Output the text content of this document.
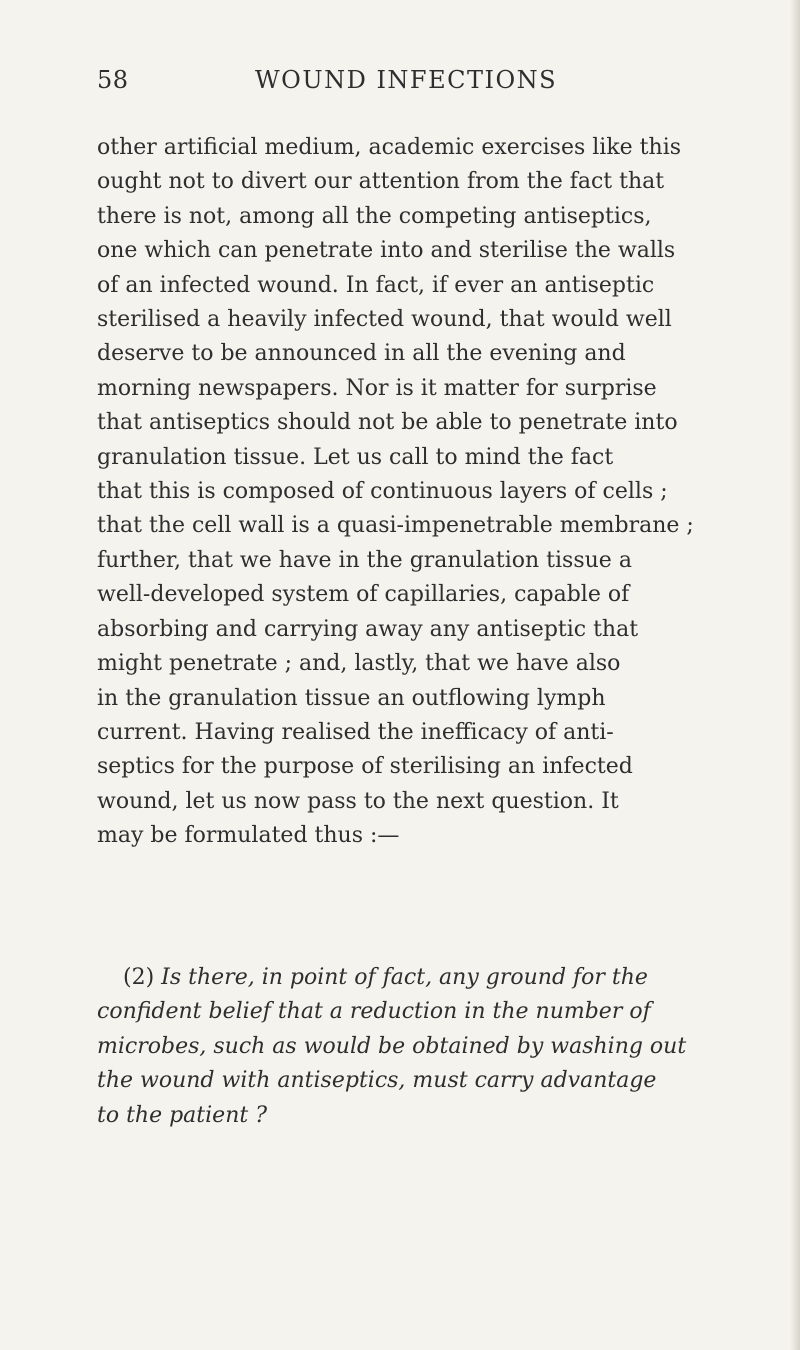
58	WOUND INFECTIONS
other artificial medium, academic exercises like this
ought not to divert our attention from the fact that
there is not, among all the competing antiseptics,
one which can penetrate into and sterilise the walls
of an infected wound. In fact, if ever an antiseptic
sterilised a heavily infected wound, that would well
deserve to be announced in all the evening and
morning newspapers. Nor is it matter for surprise
that antiseptics should not be able to penetrate into
granulation tissue. Let us call to mind the fact
that this is composed of continuous layers of cells ;
that the cell wall is a quasi-impenetrable membrane ;
further, that we have in the granulation tissue a
well-developed system of capillaries, capable of
absorbing and carrying away any antiseptic that
might penetrate ; and, lastly, that we have also
in the granulation tissue an outflowing lymph
current. Having realised the inefficacy of anti-
septics for the purpose of sterilising an infected
wound, let us now pass to the next question. It
may be formulated thus :—
(2) Is there, in point of fact, any ground for the
confident belief that a reduction in the number of
microbes, such as would be obtained by washing out
the wound with antiseptics, must carry advantage
to the patient ?
